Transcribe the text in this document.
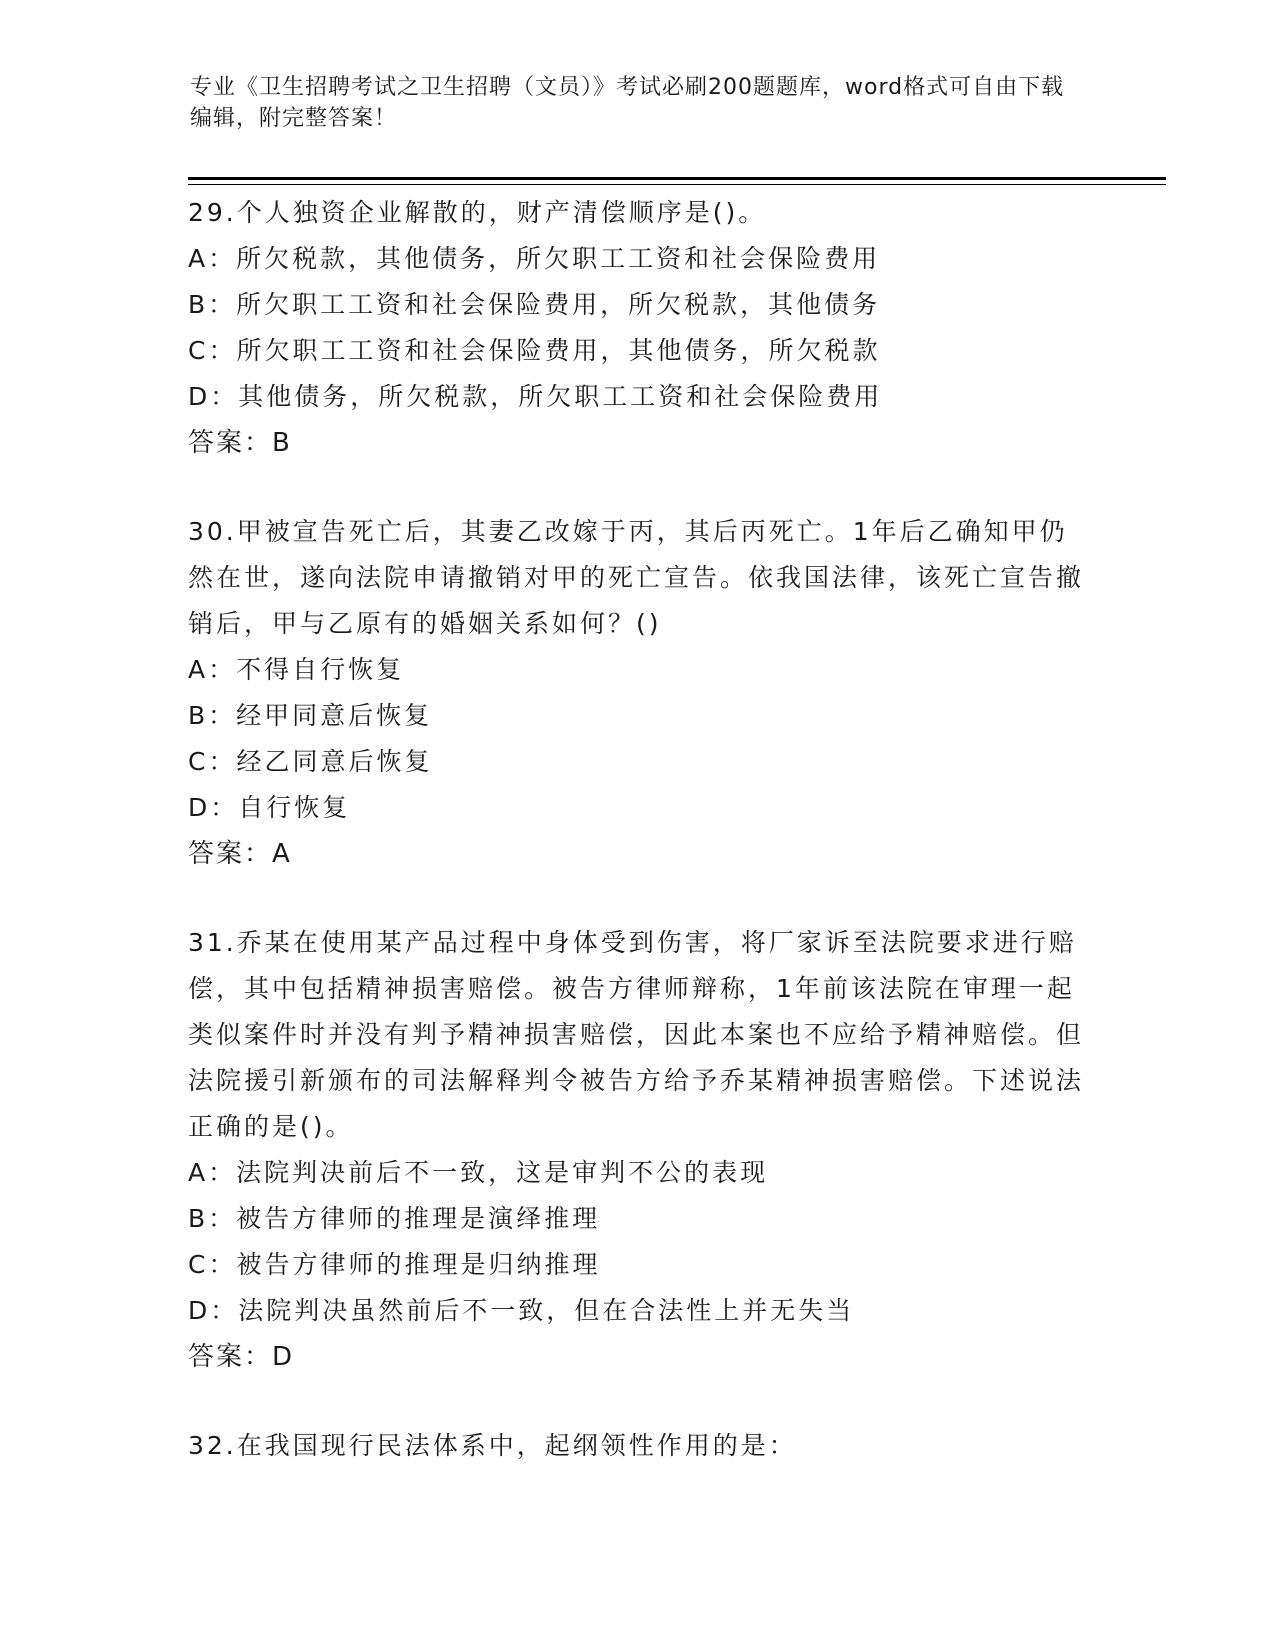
专业《卫生招聘考试之卫生招聘（文员）》考试必刷200题题库，word格式可自由下载编辑，附完整答案！
29.个人独资企业解散的，财产清偿顺序是()。
A：所欠税款，其他债务，所欠职工工资和社会保险费用
B：所欠职工工资和社会保险费用，所欠税款，其他债务
C：所欠职工工资和社会保险费用，其他债务，所欠税款
D：其他债务，所欠税款，所欠职工工资和社会保险费用
答案：B
30.甲被宣告死亡后，其妻乙改嫁于丙，其后丙死亡。1年后乙确知甲仍然在世，遂向法院申请撤销对甲的死亡宣告。依我国法律，该死亡宣告撤销后，甲与乙原有的婚姻关系如何？()
A：不得自行恢复
B：经甲同意后恢复
C：经乙同意后恢复
D：自行恢复
答案：A
31.乔某在使用某产品过程中身体受到伤害，将厂家诉至法院要求进行赔偿，其中包括精神损害赔偿。被告方律师辩称，1年前该法院在审理一起类似案件时并没有判予精神损害赔偿，因此本案也不应给予精神赔偿。但法院援引新颁布的司法解释判令被告方给予乔某精神损害赔偿。下述说法正确的是()。
A：法院判决前后不一致，这是审判不公的表现
B：被告方律师的推理是演绎推理
C：被告方律师的推理是归纳推理
D：法院判决虽然前后不一致，但在合法性上并无失当
答案：D
32.在我国现行民法体系中，起纲领性作用的是：
